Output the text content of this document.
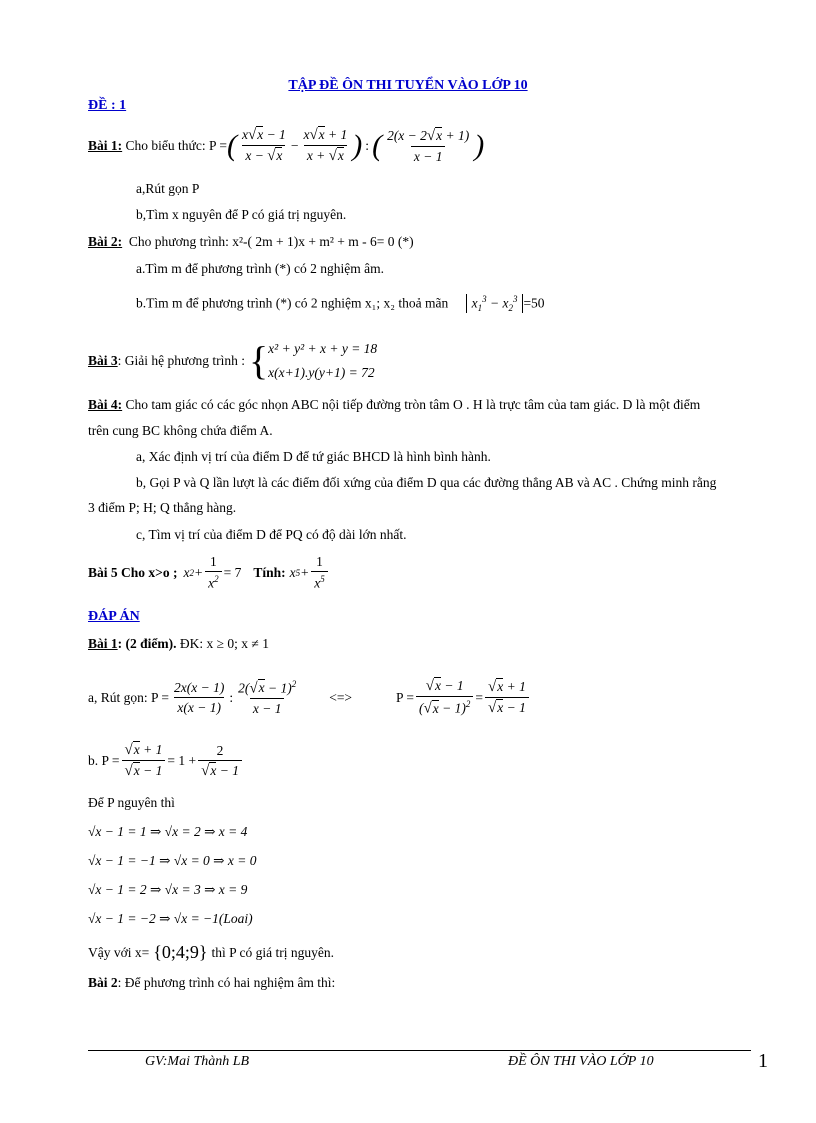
TẬP ĐỀ ÔN THI TUYỂN VÀO LỚP 10
ĐỀ : 1
Bài 1:
Cho biểu thức: P = ( $\frac{x√x - 1}{x - √x} - \frac{x√x + 1}{x + √x}$ ) : ( $\frac{2(x - 2√x + 1)}{x - 1}$ )
a,Rút gọn P
b,Tìm x nguyên để P có giá trị nguyên.
Bài 2: Cho phương trình: x²-( 2m + 1)x + m² + m - 6= 0 (*)
a.Tìm m để phương trình (*) có 2 nghiệm âm.
b.Tìm m để phương trình (*) có 2 nghiệm x₁; x₂ thoả mãn $x_1^3 - x_2^3 =50$
Bài 3 : Giải hệ phương trình : { x² + y² + x + y = 18
x(x+1).y(y+1) = 72
Bài 4: Cho tam giác có các góc nhọn ABC nội tiếp đường tròn tâm O . H là trực tâm của tam giác. D là một điểm
trên cung BC không chứa điểm A.
a, Xác định vị trí của điểm D để tứ giác BHCD là hình bình hành.
b, Gọi P và Q lần lượt là các điểm đối xứng của điểm D qua các đường thẳng AB và AC . Chứng minh rằng
3 điểm P; H; Q thẳng hàng.
c, Tìm vị trí của điểm D để PQ có độ dài lớn nhất.
Bài 5 Cho x>o ; x $2 + \frac{1}{x^2} = 7$ Tính: x $5 + \frac{1}{x^5}$
ĐÁP ÁN
Bài 1: (2 điểm). ĐK: x ≥ 0; x ≠ 1
a, Rút gọn: $P = \frac{2x(x - 1)}{x(x - 1)}$ : $\frac{2(√x - 1)^2}{x - 1}$ <=>	$P = \frac{√x - 1}{(√x - 1)^2} = \frac{√x + 1}{√x - 1}$
b. $P = \frac{√x + 1}{√x - 1} = 1 + \frac{2}{√x - 1}$
Để P nguyên thì
√x − 1 = 1 ⇒ √x = 2 ⇒ x = 4
√x − 1 = −1 ⇒ √x = 0 ⇒ x = 0
√x − 1 = 2 ⇒ √x = 3 ⇒ x = 9
√x − 1 = −2 ⇒ √x = −1(Loai)
Vậy với x= {0;4;9} thì P có giá trị nguyên.
Bài 2: Để phương trình có hai nghiệm âm thì:
GV:Mai Thành LB	ĐỀ ÔN THI VÀO LỚP 10	1
